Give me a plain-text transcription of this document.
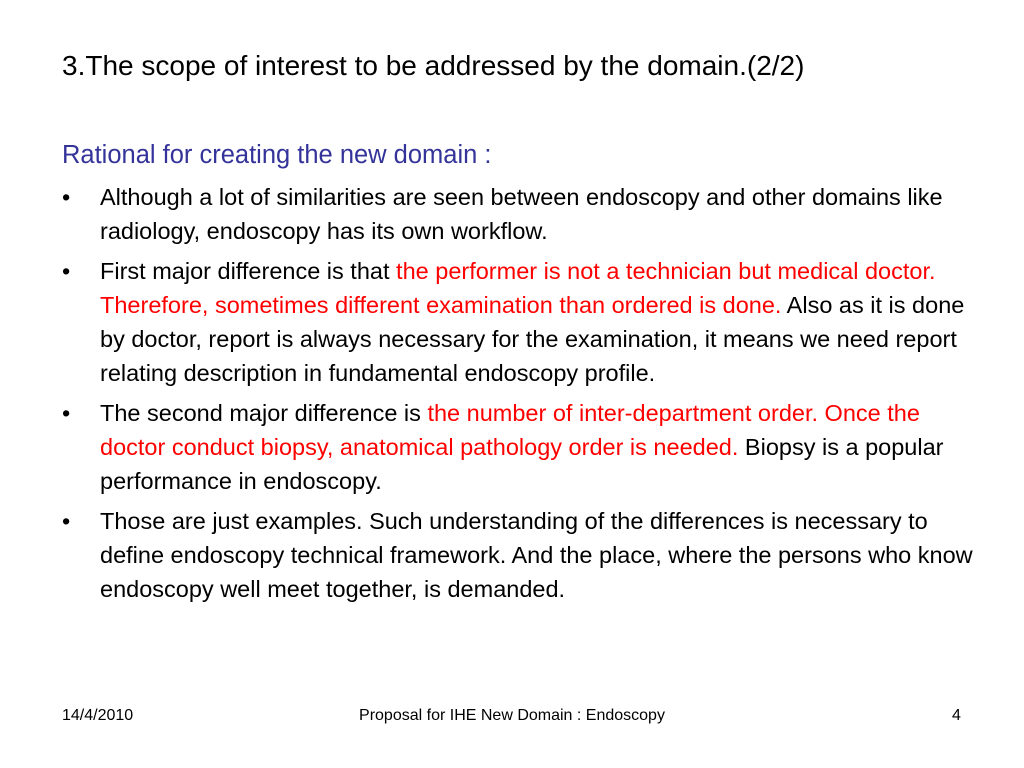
3.The scope of interest to be addressed by the domain.(2/2)
Rational for creating the new domain :
•	Although a lot of similarities are seen between endoscopy and other domains like radiology, endoscopy has its own workflow.
•	First major difference is that the performer is not a technician but medical doctor. Therefore, sometimes different examination than ordered is done. Also as it is done by doctor, report is always necessary for the examination, it means we need report relating description in fundamental endoscopy profile.
•	The second major difference is the number of inter-department order. Once the doctor conduct biopsy, anatomical pathology order is needed. Biopsy is a popular performance in endoscopy.
•	Those are just examples. Such understanding of the differences is necessary to define endoscopy technical framework. And the place, where the persons who know endoscopy well meet together, is demanded.
14/4/2010	Proposal for IHE New Domain : Endoscopy	4
